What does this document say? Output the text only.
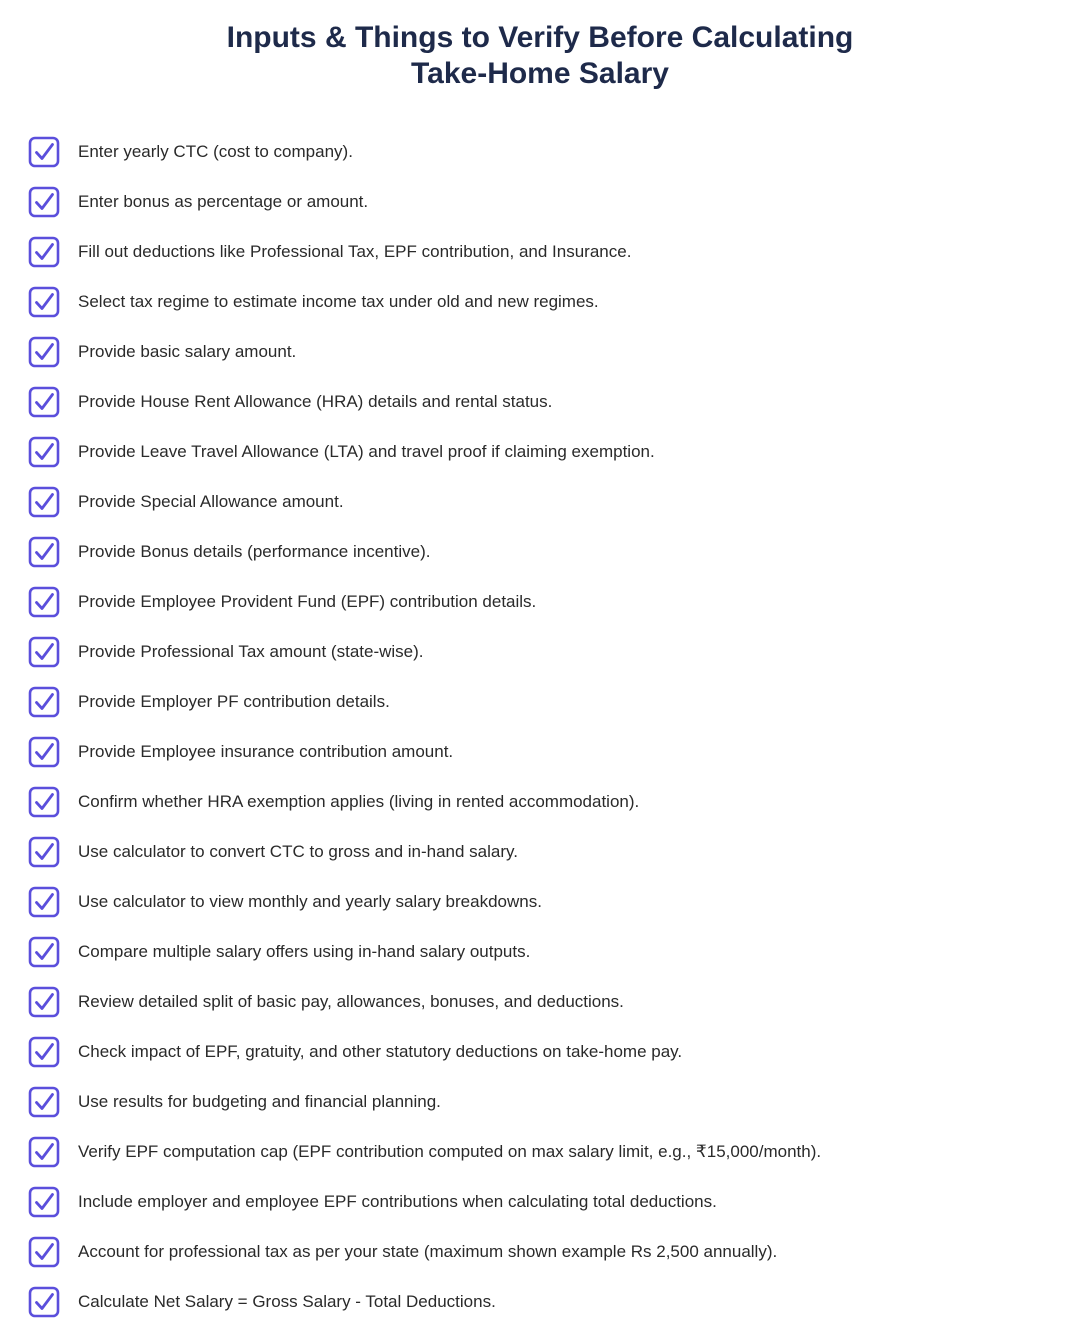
Inputs & Things to Verify Before Calculating
Take-Home Salary
Enter yearly CTC (cost to company).
Enter bonus as percentage or amount.
Fill out deductions like Professional Tax, EPF contribution, and Insurance.
Select tax regime to estimate income tax under old and new regimes.
Provide basic salary amount.
Provide House Rent Allowance (HRA) details and rental status.
Provide Leave Travel Allowance (LTA) and travel proof if claiming exemption.
Provide Special Allowance amount.
Provide Bonus details (performance incentive).
Provide Employee Provident Fund (EPF) contribution details.
Provide Professional Tax amount (state-wise).
Provide Employer PF contribution details.
Provide Employee insurance contribution amount.
Confirm whether HRA exemption applies (living in rented accommodation).
Use calculator to convert CTC to gross and in-hand salary.
Use calculator to view monthly and yearly salary breakdowns.
Compare multiple salary offers using in-hand salary outputs.
Review detailed split of basic pay, allowances, bonuses, and deductions.
Check impact of EPF, gratuity, and other statutory deductions on take-home pay.
Use results for budgeting and financial planning.
Verify EPF computation cap (EPF contribution computed on max salary limit, e.g., ₹15,000/month).
Include employer and employee EPF contributions when calculating total deductions.
Account for professional tax as per your state (maximum shown example Rs 2,500 annually).
Calculate Net Salary = Gross Salary - Total Deductions.
